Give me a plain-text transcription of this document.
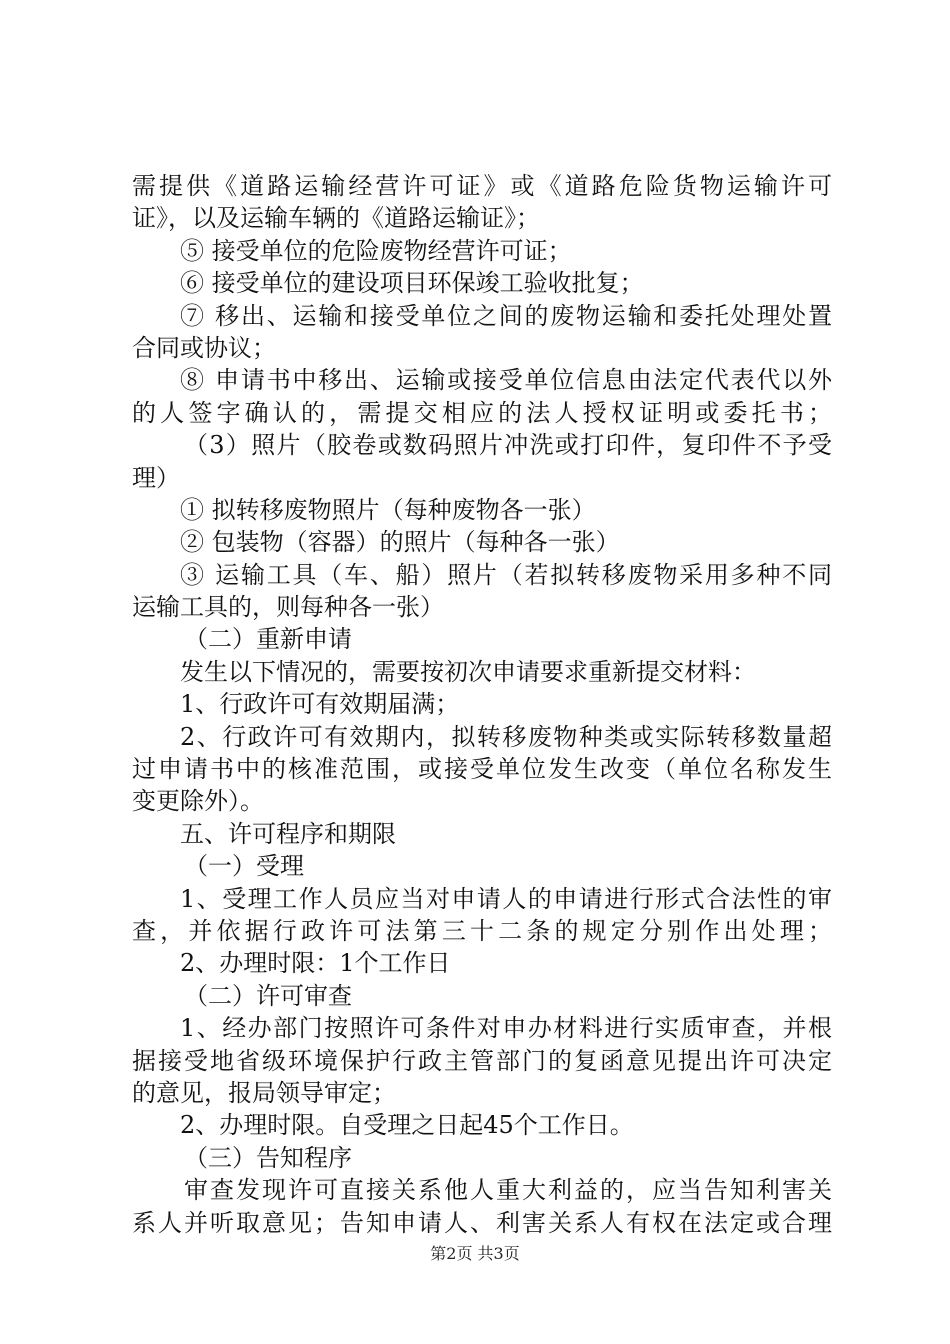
需提供《道路运输经营许可证》或《道路危险货物运输许可
证》，以及运输车辆的《道路运输证》；
⑤ 接受单位的危险废物经营许可证；
⑥ 接受单位的建设项目环保竣工验收批复；
⑦ 移出、运输和接受单位之间的废物运输和委托处理处置
合同或协议；
⑧ 申请书中移出、运输或接受单位信息由法定代表代以外
的人签字确认的，需提交相应的法人授权证明或委托书；
（3）照片（胶卷或数码照片冲洗或打印件，复印件不予受
理）
① 拟转移废物照片（每种废物各一张）
② 包装物（容器）的照片（每种各一张）
③ 运输工具（车、船）照片（若拟转移废物采用多种不同
运输工具的，则每种各一张）
（二）重新申请
发生以下情况的，需要按初次申请要求重新提交材料：
1、行政许可有效期届满；
2、行政许可有效期内，拟转移废物种类或实际转移数量超
过申请书中的核准范围，或接受单位发生改变（单位名称发生
变更除外）。
五、许可程序和期限
（一）受理
1、受理工作人员应当对申请人的申请进行形式合法性的审
查，并依据行政许可法第三十二条的规定分别作出处理；
2、办理时限：1个工作日
（二）许可审查
1、经办部门按照许可条件对申办材料进行实质审查，并根
据接受地省级环境保护行政主管部门的复函意见提出许可决定
的意见，报局领导审定；
2、办理时限。自受理之日起45个工作日。
（三）告知程序
审查发现许可直接关系他人重大利益的，应当告知利害关
系人并听取意见；告知申请人、利害关系人有权在法定或合理
第2页 共3页
